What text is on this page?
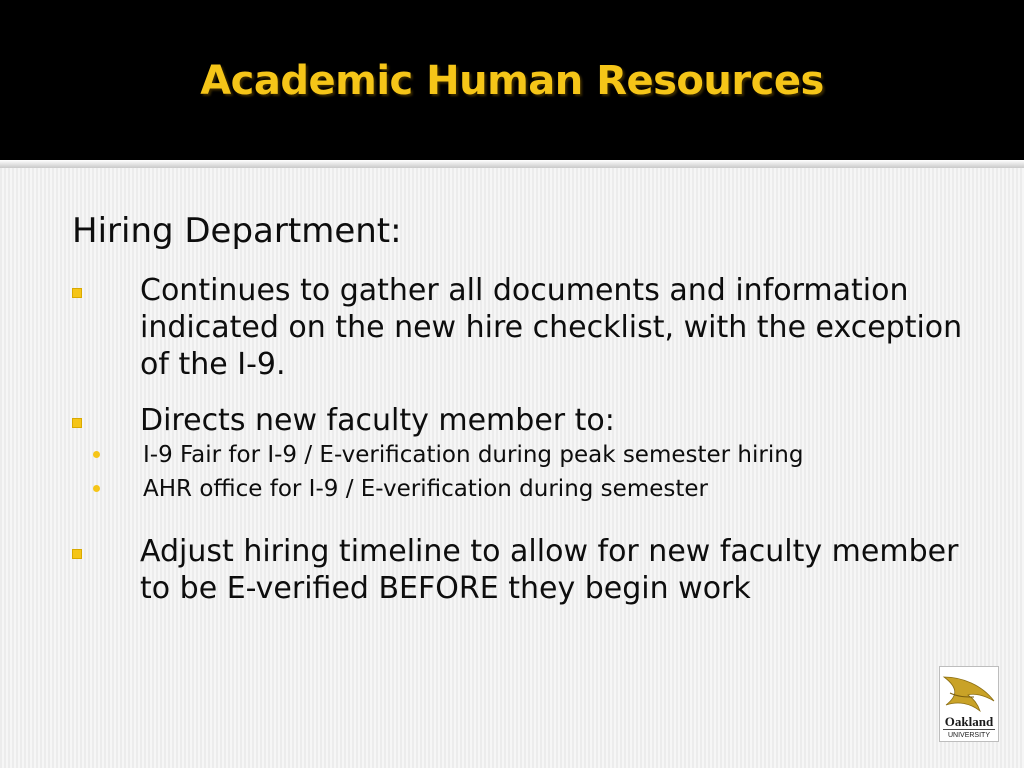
Academic Human Resources
Hiring Department:
Continues to gather all documents and information indicated on the new hire checklist, with the exception of the I-9.
Directs new faculty member to:
I-9 Fair for I-9 / E-verification during peak semester hiring
AHR office for I-9 / E-verification during semester
Adjust hiring timeline to allow for new faculty member to be E-verified BEFORE they begin work
Oakland
UNIVERSITY
